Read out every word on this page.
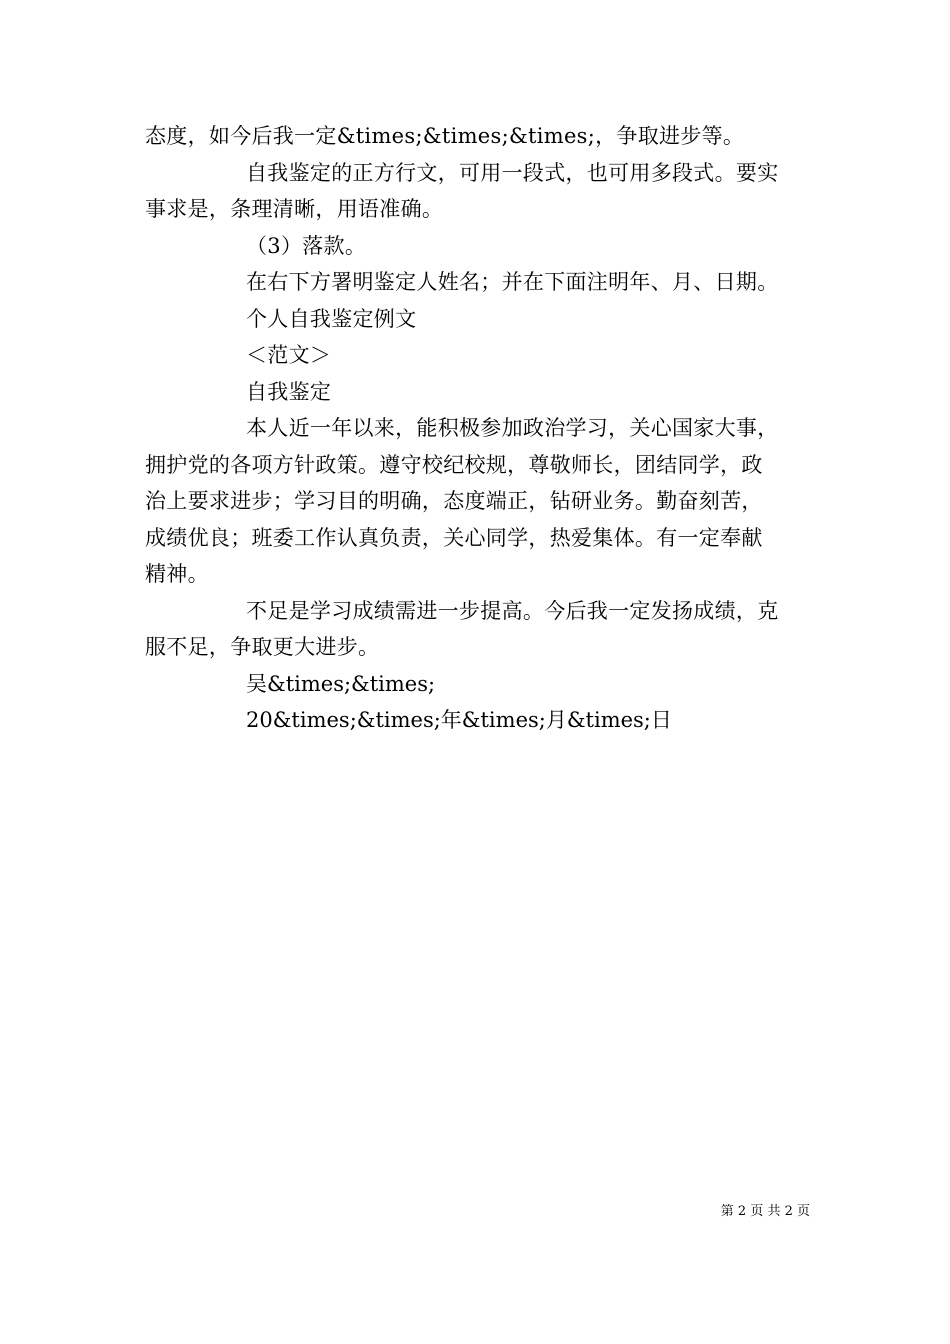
态度，如今后我一定&times;&times;&times;，争取进步等。
自我鉴定的正方行文，可用一段式，也可用多段式。要实
事求是，条理清晰，用语准确。
（3）落款。
在右下方署明鉴定人姓名；并在下面注明年、月、日期。
个人自我鉴定例文
＜范文＞
自我鉴定
本人近一年以来，能积极参加政治学习，关心国家大事，
拥护党的各项方针政策。遵守校纪校规，尊敬师长，团结同学，政
治上要求进步；学习目的明确，态度端正，钻研业务。勤奋刻苦，
成绩优良；班委工作认真负责，关心同学，热爱集体。有一定奉献
精神。
不足是学习成绩需进一步提高。今后我一定发扬成绩，克
服不足，争取更大进步。
吴&times;&times;
20&times;&times;年&times;月&times;日
第 2 页 共 2 页
